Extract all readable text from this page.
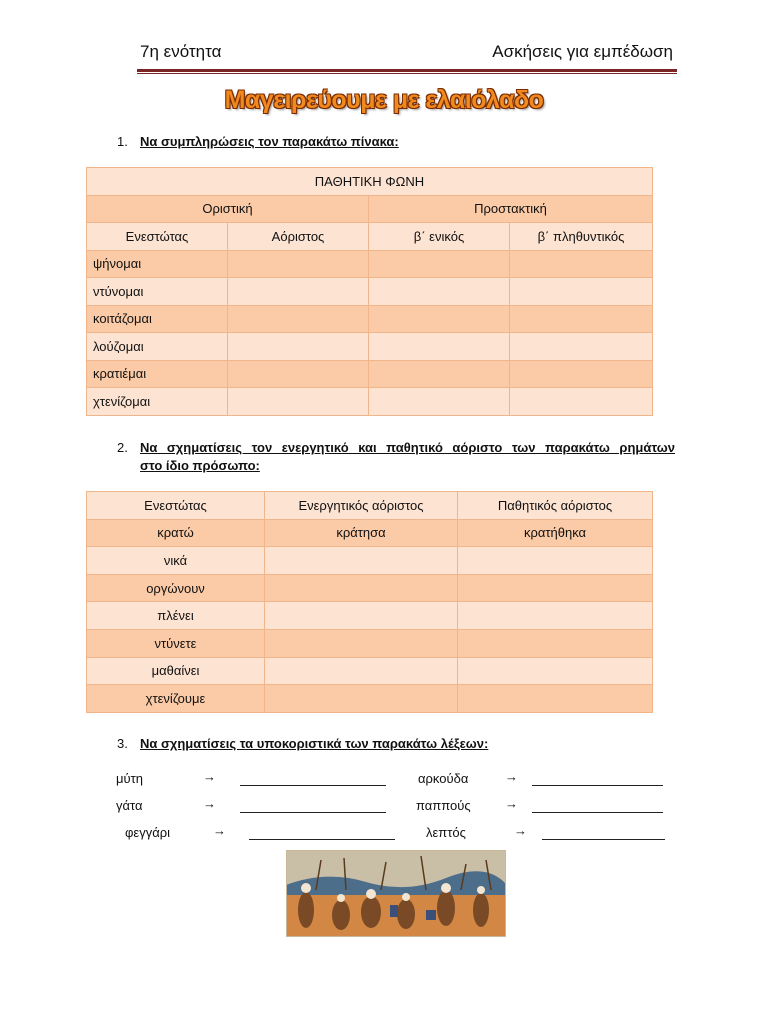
7η ενότητα	Ασκήσεις για εμπέδωση
Μαγειρεύουμε με ελαιόλαδο
1. Να συμπληρώσεις τον παρακάτω πίνακα:
ΠΑΘΗΤΙΚΗ ΦΩΝΗ			
Οριστική		Προστακτική	
Ενεστώτας	Αόριστος	β΄ ενικός	β΄ πληθυντικός
ψήνομαι			
ντύνομαι			
κοιτάζομαι			
λούζομαι			
κρατιέμαι			
χτενίζομαι			
2. Να σχηματίσεις τον ενεργητικό και παθητικό αόριστο των παρακάτω ρημάτων
στο ίδιο πρόσωπο:
Ενεστώτας	Ενεργητικός αόριστος	Παθητικός αόριστος
κρατώ	κράτησα	κρατήθηκα
νικά		
οργώνουν		
πλένει		
ντύνετε		
μαθαίνει		
χτενίζουμε		
3. Να σχηματίσεις τα υποκοριστικά των παρακάτω λέξεων:
μύτη	→	αρκούδα	→
γάτα	→	παππούς	→
φεγγάρι	→	λεπτός	→
